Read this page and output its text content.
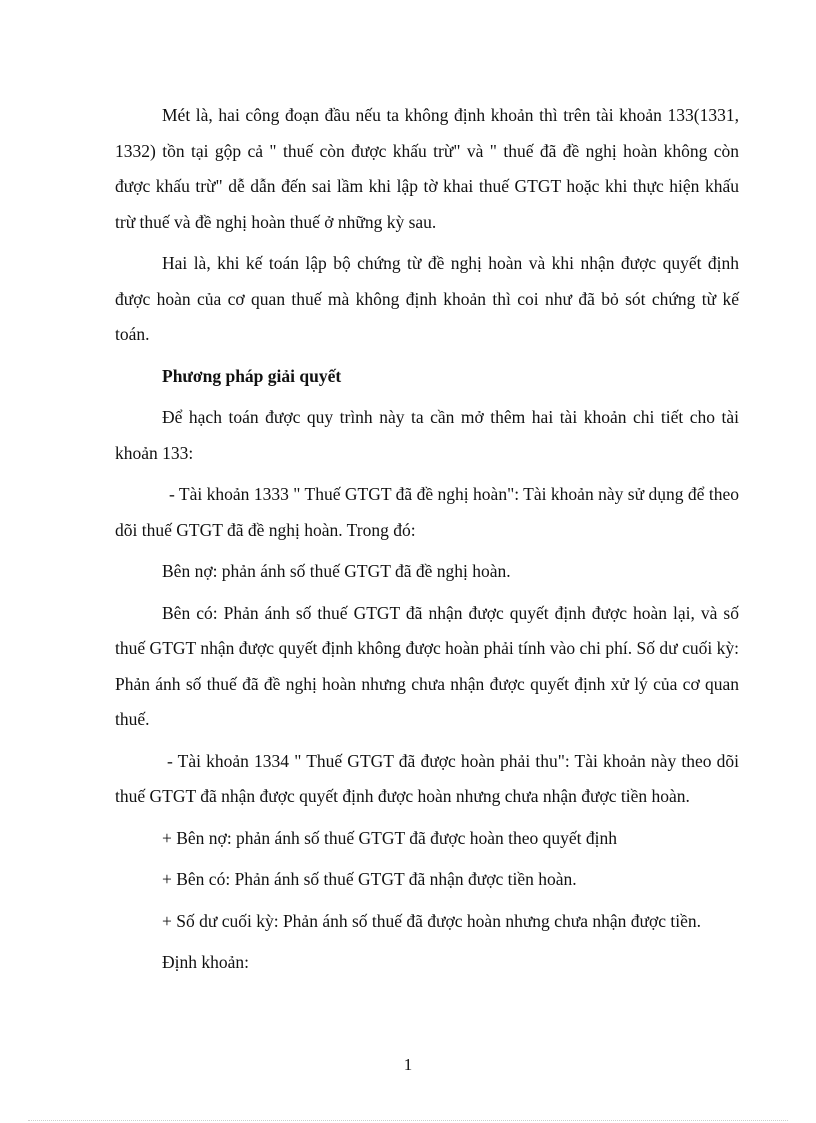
Mét là, hai công đoạn đầu nếu ta không định khoản thì trên tài khoản 133(1331, 1332) tồn tại gộp cả " thuế còn được khấu trừ" và " thuế đã đề nghị hoàn không còn được khấu trừ" dễ dẫn đến sai lầm khi lập tờ khai thuế GTGT hoặc khi thực hiện khấu trừ thuế và đề nghị hoàn thuế ở những kỳ sau.

Hai là, khi kế toán lập bộ chứng từ đề nghị hoàn và khi nhận được quyết định được hoàn của cơ quan thuế mà không định khoản thì coi như đã bỏ sót chứng từ kế toán.

Phương pháp giải quyết

Để hạch toán được quy trình này ta cần mở thêm hai tài khoản chi tiết cho tài khoản 133:

- Tài khoản 1333 " Thuế GTGT đã đề nghị hoàn": Tài khoản này sử dụng để theo dõi thuế GTGT đã đề nghị hoàn. Trong đó:

Bên nợ: phản ánh số thuế GTGT đã đề nghị hoàn.

Bên có: Phản ánh số thuế GTGT đã nhận được quyết định được hoàn lại, và số thuế GTGT nhận được quyết định không được hoàn phải tính vào chi phí. Số dư cuối kỳ: Phản ánh số thuế đã đề nghị hoàn nhưng chưa nhận được quyết định xử lý của cơ quan thuế.

- Tài khoản 1334 " Thuế GTGT đã được hoàn phải thu": Tài khoản này theo dõi thuế GTGT đã nhận được quyết định được hoàn nhưng chưa nhận được tiền hoàn.

+ Bên nợ: phản ánh số thuế GTGT đã được hoàn theo quyết định

+ Bên có: Phản ánh số thuế GTGT đã nhận được tiền hoàn.

+ Số dư cuối kỳ: Phản ánh số thuế đã được hoàn nhưng chưa nhận được tiền.

Định khoản:

1
